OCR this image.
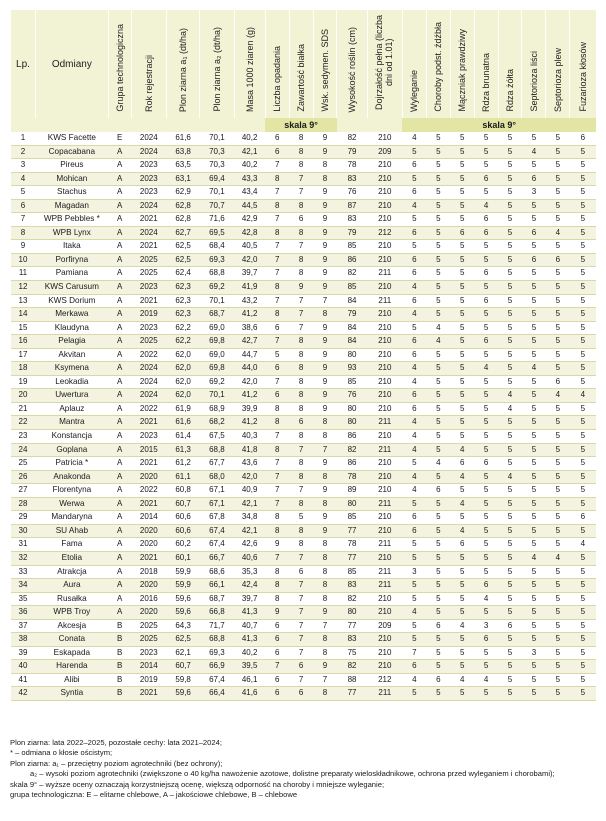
Lp.	Odmiany	Grupa technologiczna	Rok rejestracji	Plon ziarna a₁ (dt/ha)	Plon ziarna a₂ (dt/ha)	Masa 1000 ziaren (g)	Liczba opadania	Zawartość białka	Wsk. sedymen. SDS	Wysokość roślin (cm)	Dojrzałość pełna (liczba dni od 1.01)	Wyleganie	Choroby podst. źdźbła	Mączniak prawdziwy	Rdza brunatna	Rdza żółta	Septorioza liści	Septorioza plew	Fuzarioza kłosów
							skala 9°					skala 9°							
1	KWS Facette	E	2024	61,6	70,1	40,2	6	8	9	82	210	4	5	5	5	5	5	5	6
2	Copacabana	A	2024	63,8	70,3	42,1	6	8	9	79	209	5	5	5	5	5	4	5	5
3	Pireus	A	2023	63,5	70,3	40,2	7	8	8	78	210	6	5	5	5	5	5	5	5
4	Mohican	A	2023	63,1	69,4	43,3	8	7	8	83	210	5	5	5	6	5	6	5	5
5	Stachus	A	2023	62,9	70,1	43,4	7	7	9	76	210	6	5	5	5	5	3	5	5
6	Magadan	A	2024	62,8	70,7	44,5	8	8	9	87	210	4	5	5	4	5	5	5	5
7	WPB Pebbles *	A	2021	62,8	71,6	42,9	7	6	9	83	210	5	5	5	6	5	5	5	5
8	WPB Lynx	A	2024	62,7	69,5	42,8	8	8	9	79	212	6	5	6	6	5	6	4	5
9	Itaka	A	2021	62,5	68,4	40,5	7	7	9	85	210	5	5	5	5	5	5	5	5
10	Porfiryna	A	2025	62,5	69,3	42,0	7	8	9	86	210	6	5	5	5	5	6	6	5
11	Pamiana	A	2025	62,4	68,8	39,7	7	8	9	82	211	6	5	5	6	5	5	5	5
12	KWS Carusum	A	2023	62,3	69,2	41,9	8	9	9	85	210	4	5	5	5	5	5	5	5
13	KWS Dorium	A	2021	62,3	70,1	43,2	7	7	7	84	211	6	5	5	6	5	5	5	5
14	Merkawa	A	2019	62,3	68,7	41,2	8	7	8	79	210	4	5	5	5	5	5	5	5
15	Klaudyna	A	2023	62,2	69,0	38,6	6	7	9	84	210	5	4	5	5	5	5	5	5
16	Pelagia	A	2025	62,2	69,8	42,7	7	8	9	84	210	6	4	5	6	5	5	5	5
17	Akvitan	A	2022	62,0	69,0	44,7	5	8	9	80	210	6	5	5	5	5	5	5	5
18	Ksymena	A	2024	62,0	69,8	44,0	6	8	9	93	210	4	5	5	4	5	4	5	5
19	Leokadia	A	2024	62,0	69,2	42,0	7	8	9	85	210	4	5	5	5	5	5	6	5
20	Uwertura	A	2024	62,0	70,1	41,2	6	8	9	76	210	6	5	5	5	4	5	4	4
21	Aplauz	A	2022	61,9	68,9	39,9	8	8	9	80	210	6	5	5	5	4	5	5	5
22	Mantra	A	2021	61,6	68,2	41,2	8	6	8	80	211	4	5	5	5	5	5	5	5
23	Konstancja	A	2023	61,4	67,5	40,3	7	8	8	86	210	4	5	5	5	5	5	5	5
24	Goplana	A	2015	61,3	68,8	41,8	8	7	7	82	211	4	5	4	5	5	5	5	5
25	Patricia *	A	2021	61,2	67,7	43,6	7	8	9	86	210	5	4	6	6	5	5	5	5
26	Anakonda	A	2020	61,1	68,0	42,0	7	8	8	78	210	4	5	4	5	4	5	5	5
27	Florentyna	A	2022	60,8	67,1	40,9	7	7	9	89	210	4	6	5	5	5	5	5	5
28	Werwa	A	2021	60,7	67,1	42,1	7	8	8	80	211	5	5	4	5	5	5	5	5
29	Mandaryna	A	2014	60,6	67,8	34,8	8	5	9	85	210	6	5	5	5	5	5	5	6
30	SU Ahab	A	2020	60,6	67,4	42,1	8	8	9	77	210	6	5	4	5	5	5	5	5
31	Fama	A	2020	60,2	67,4	42,6	9	8	8	78	211	5	5	6	5	5	5	5	4
32	Etolia	A	2021	60,1	66,7	40,6	7	7	8	77	210	5	5	5	5	5	4	4	5
33	Atrakcja	A	2018	59,9	68,6	35,3	8	6	8	85	211	3	5	5	5	5	5	5	5
34	Aura	A	2020	59,9	66,1	42,4	8	7	8	83	211	5	5	5	6	5	5	5	5
35	Rusałka	A	2016	59,6	68,7	39,7	8	7	8	82	210	5	5	5	4	5	5	5	5
36	WPB Troy	A	2020	59,6	66,8	41,3	9	7	9	80	210	4	5	5	5	5	5	5	5
37	Akcesja	B	2025	64,3	71,7	40,7	6	7	7	77	209	5	6	4	3	6	5	5	5
38	Conata	B	2025	62,5	68,8	41,3	6	7	8	83	210	5	5	5	6	5	5	5	5
39	Eskapada	B	2023	62,1	69,3	40,2	6	7	8	75	210	7	5	5	5	5	3	5	5
40	Harenda	B	2014	60,7	66,9	39,5	7	6	9	82	210	6	5	5	5	5	5	5	5
41	Alibi	B	2019	59,8	67,4	46,1	6	7	7	88	212	4	6	4	4	5	5	5	5
42	Syntia	B	2021	59,6	66,4	41,6	6	6	8	77	211	5	5	5	5	5	5	5	5

Plon ziarna: lata 2022–2025, pozostałe cechy: lata 2021–2024;

* – odmiana o kłosie ościstym;

Plon ziarna: a₁ – przeciętny poziom agrotechniki (bez ochrony);

a₂ – wysoki poziom agrotechniki (zwiększone o 40 kg/ha nawożenie azotowe, dolistne preparaty wieloskładnikowe, ochrona przed wyleganiem i chorobami);

skala 9° – wyższe oceny oznaczają korzystniejszą ocenę, większą odporność na choroby i mniejsze wyleganie;

grupa technologiczna: E – elitarne chlebowe, A – jakościowe chlebowe, B – chlebowe
